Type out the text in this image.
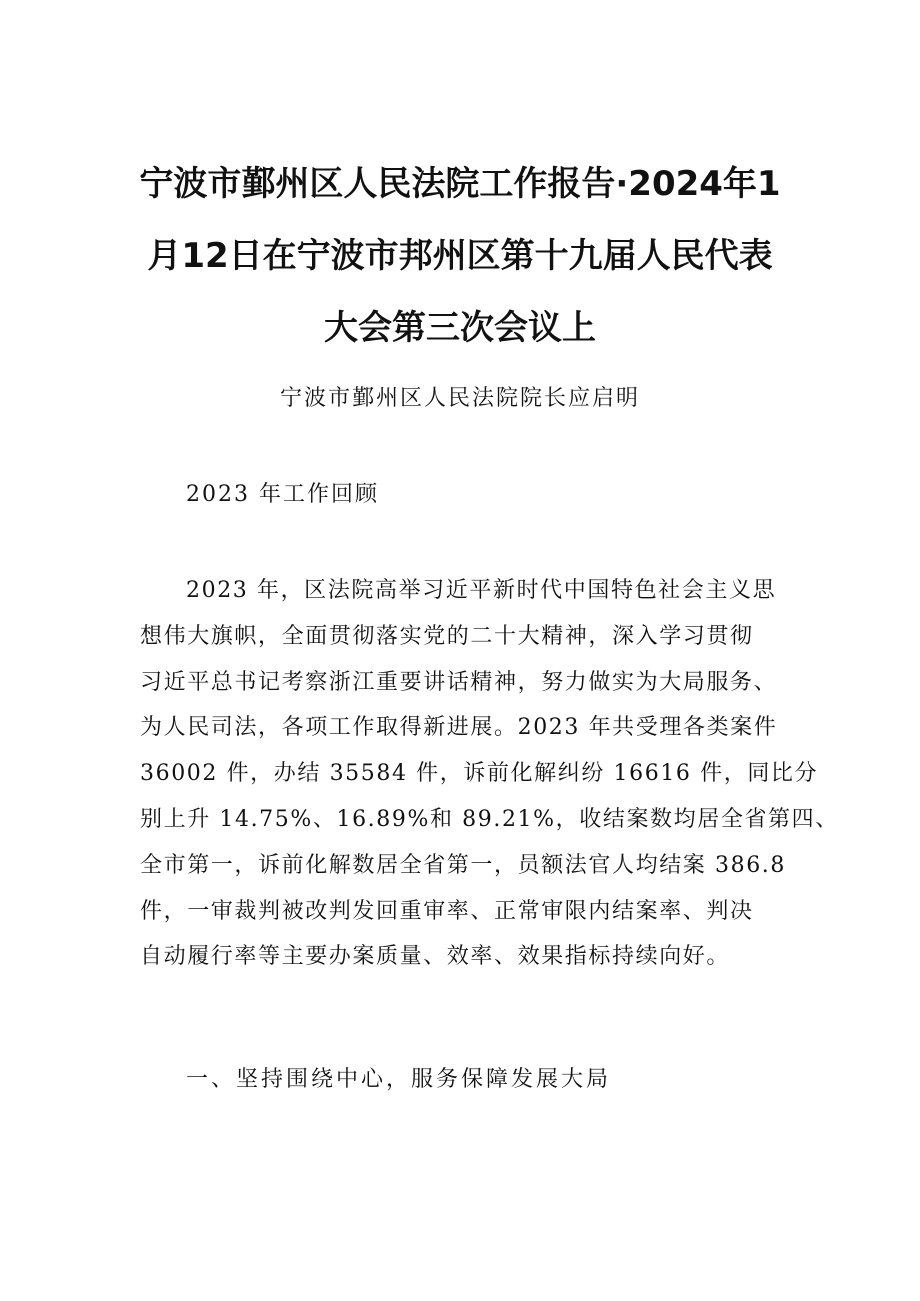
宁波市鄞州区人民法院工作报告·2024年1
月12日在宁波市邦州区第十九届人民代表
大会第三次会议上
宁波市鄞州区人民法院院长应启明
2023 年工作回顾
2023 年，区法院高举习近平新时代中国特色社会主义思
想伟大旗帜，全面贯彻落实党的二十大精神，深入学习贯彻
习近平总书记考察浙江重要讲话精神，努力做实为大局服务、
为人民司法，各项工作取得新进展。2023 年共受理各类案件
36002 件，办结 35584 件，诉前化解纠纷 16616 件，同比分
别上升 14.75%、16.89%和 89.21%，收结案数均居全省第四、
全市第一，诉前化解数居全省第一，员额法官人均结案 386.8
件，一审裁判被改判发回重审率、正常审限内结案率、判决
自动履行率等主要办案质量、效率、效果指标持续向好。
一、坚持围绕中心，服务保障发展大局
